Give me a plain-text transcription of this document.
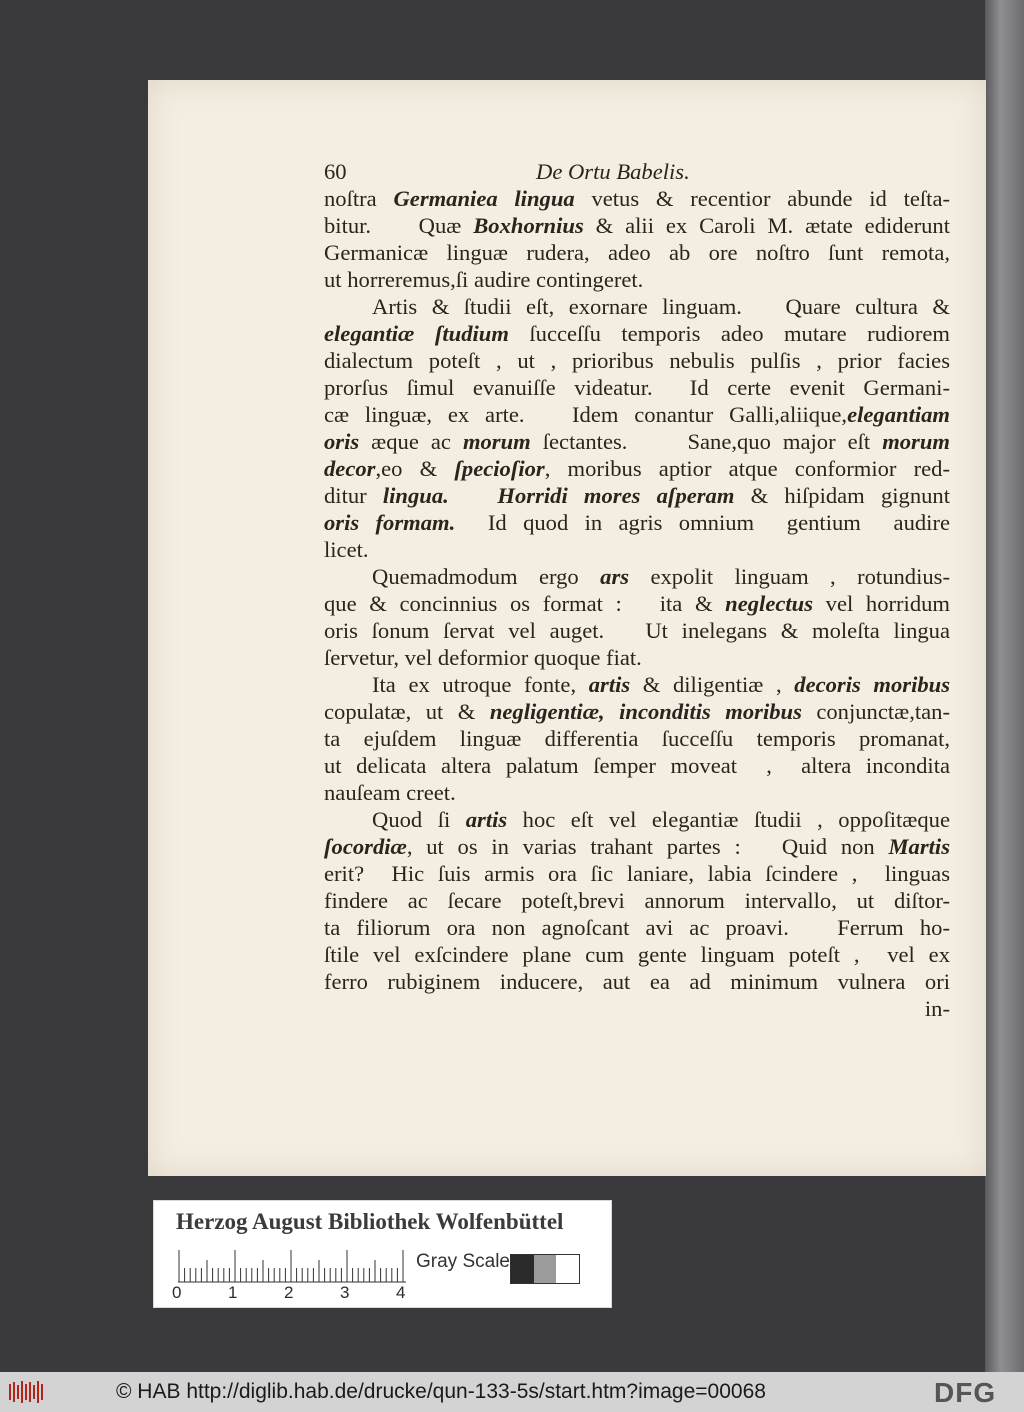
60	De Ortu Babelis.
noſtra Germaniea lingua vetus & recentior abunde id teſta-
bitur.    Quæ Boxhornius & alii ex Caroli M. ætate ediderunt
Germanicæ linguæ rudera, adeo ab ore noſtro ſunt remota,
ut horreremus,ſi audire contingeret.
Artis & ſtudii eſt, exornare linguam.   Quare cultura &
elegantiæ ſtudium ſucceſſu temporis adeo mutare rudiorem
dialectum poteſt , ut , prioribus nebulis pulſis , prior facies
prorſus ſimul evanuiſſe videatur.  Id certe evenit Germani-
cæ linguæ, ex arte.   Idem conantur Galli,aliique,elegantiam
oris æque ac morum ſectantes.     Sane,quo major eſt morum
decor,eo & ſpecioſior, moribus aptior atque conformior red-
ditur lingua. Horridi mores aſperam & hiſpidam gignunt
oris formam.  Id quod in agris omnium  gentium  audire
licet.
Quemadmodum ergo ars expolit linguam , rotundius-
que & concinnius os format :   ita & neglectus vel horridum
oris ſonum ſervat vel auget.   Ut inelegans & moleſta lingua
ſervetur, vel deformior quoque fiat.
Ita ex utroque fonte, artis & diligentiæ , decoris moribus
copulatæ, ut & negligentiæ, inconditis moribus conjunctæ,tan-
ta ejuſdem linguæ differentia ſucceſſu temporis promanat,
ut delicata altera palatum ſemper moveat  ,  altera incondita
nauſeam creet.
Quod ſi artis hoc eſt vel elegantiæ ſtudii , oppoſitæque
ſocordiæ, ut os in varias trahant partes :   Quid non Martis
erit?  Hic ſuis armis ora ſic laniare, labia ſcindere ,  linguas
findere ac ſecare poteſt,brevi annorum intervallo, ut diſtor-
ta filiorum ora non agnoſcant avi ac proavi.   Ferrum ho-
ſtile vel exſcindere plane cum gente linguam poteſt ,  vel ex
ferro rubiginem inducere, aut ea ad minimum vulnera ori
in-
Herzog August Bibliothek Wolfenbüttel
0	1	2	3	4
Gray Scale
© HAB http://diglib.hab.de/drucke/qun-133-5s/start.htm?image=00068	DFG
